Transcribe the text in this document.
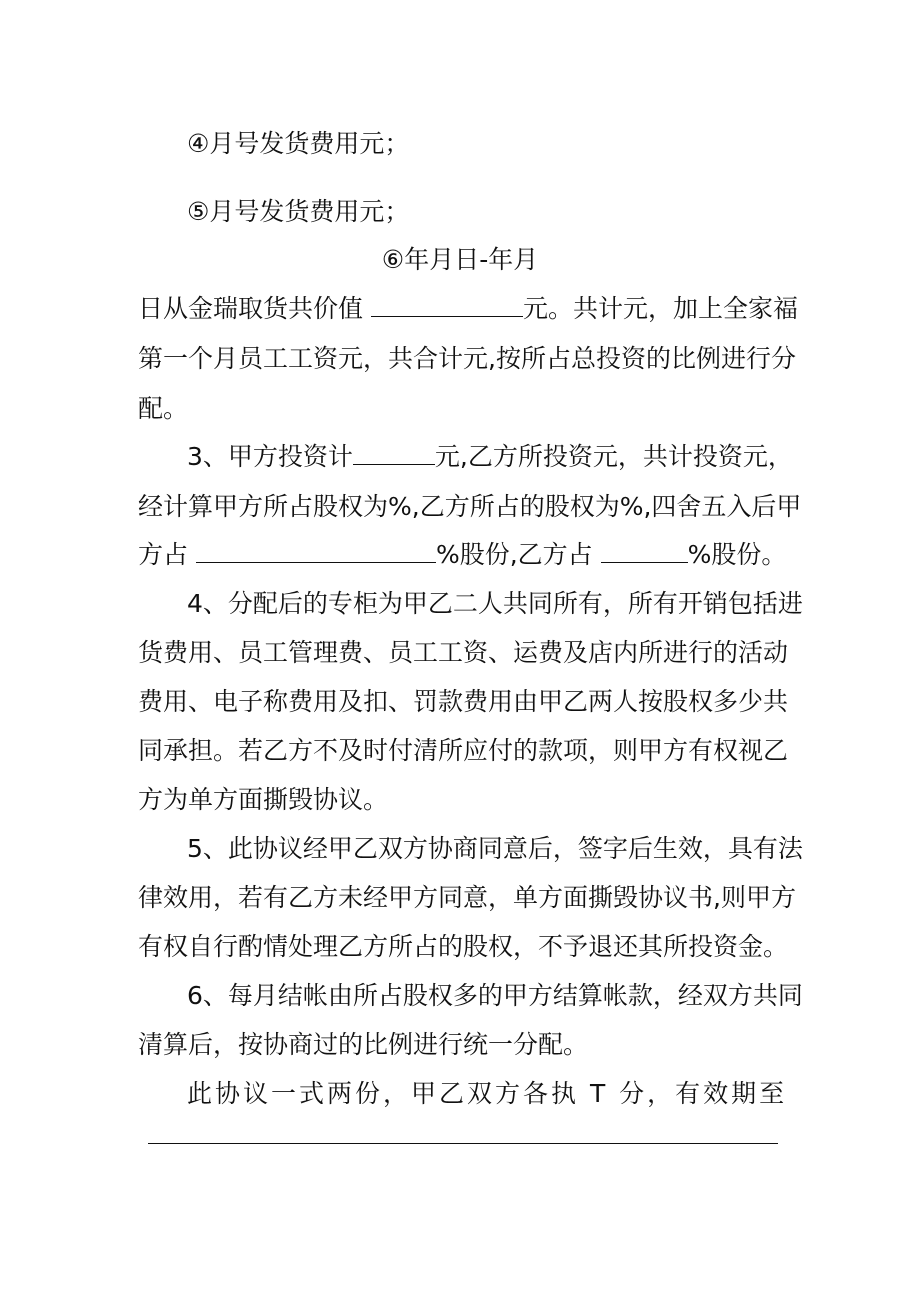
④月号发货费用元；
⑤月号发货费用元；
⑥年月日-年月
日从金瑞取货共价值	元。共计元，加上全家福
第一个月员工工资元，共合计元,按所占总投资的比例进行分
配。
3、甲方投资计	元,乙方所投资元，共计投资元，
经计算甲方所占股权为%,乙方所占的股权为%,四舍五入后甲
方占	%股份,乙方占	%股份。
4、分配后的专柜为甲乙二人共同所有，所有开销包括进
货费用、员工管理费、员工工资、运费及店内所进行的活动
费用、电子称费用及扣、罚款费用由甲乙两人按股权多少共
同承担。若乙方不及时付清所应付的款项，则甲方有权视乙
方为单方面撕毁协议。
5、此协议经甲乙双方协商同意后，签字后生效，具有法
律效用，若有乙方未经甲方同意，单方面撕毁协议书,则甲方
有权自行酌情处理乙方所占的股权，不予退还其所投资金。
6、每月结帐由所占股权多的甲方结算帐款，经双方共同
清算后，按协商过的比例进行统一分配。
此协议一式两份，甲乙双方各执 T 分，有效期至
